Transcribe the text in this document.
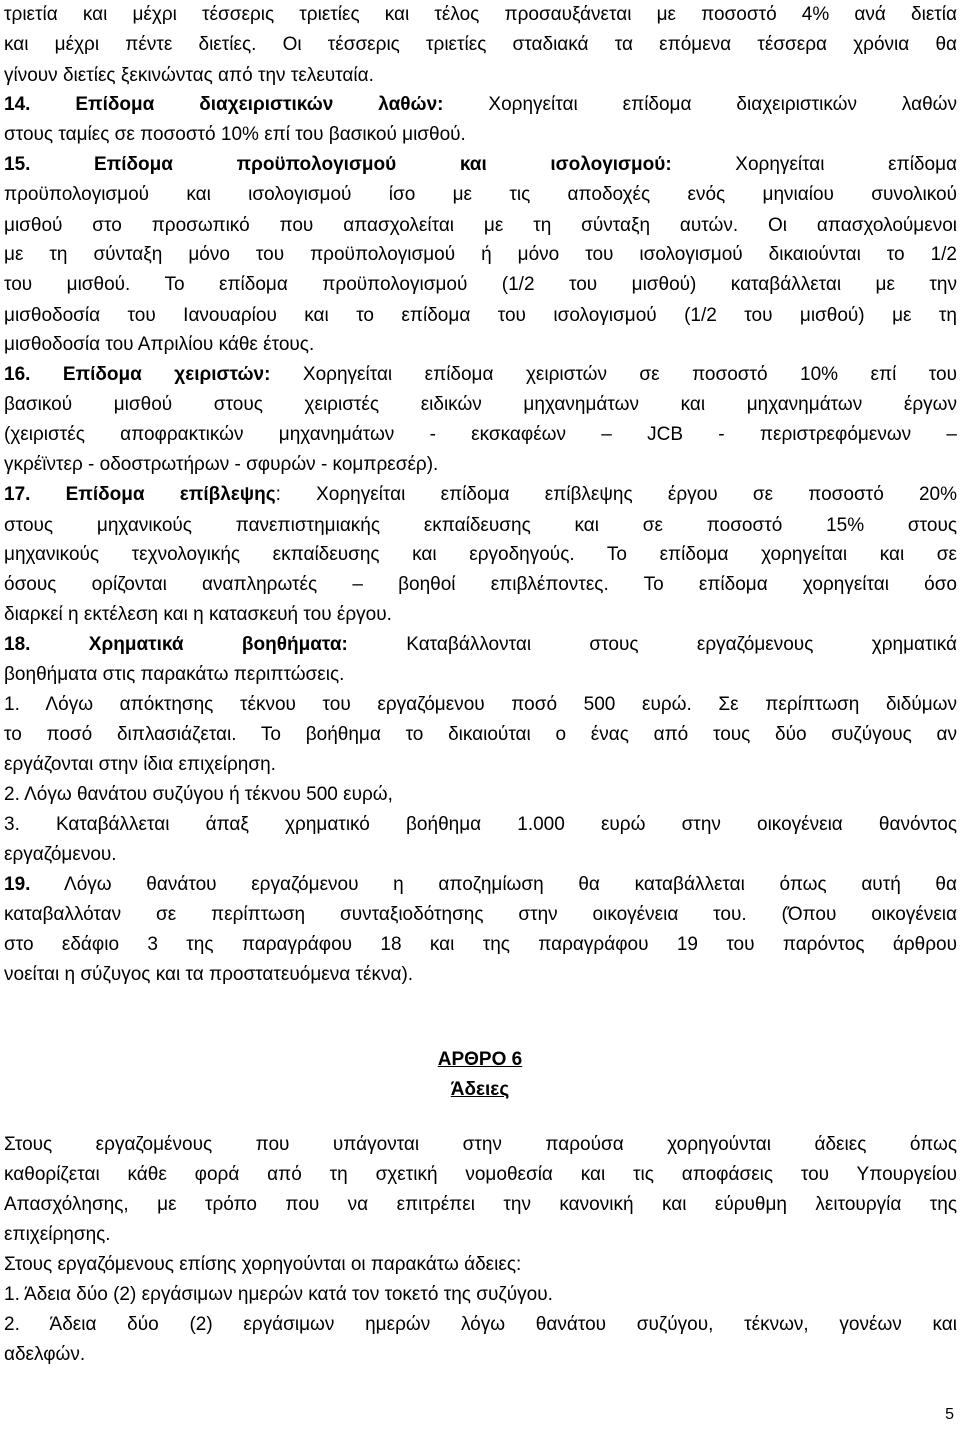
5
τριετία και μέχρι τέσσερις τριετίες και τέλος προσαυξάνεται με ποσοστό 4% ανά διετία
και μέχρι πέντε διετίες. Οι τέσσερις τριετίες σταδιακά τα επόμενα τέσσερα χρόνια θα
γίνουν διετίες ξεκινώντας από την τελευταία.
14. Επίδομα διαχειριστικών λαθών: Χορηγείται επίδομα διαχειριστικών λαθών
στους ταμίες σε ποσοστό 10% επί του βασικού μισθού.
15. Επίδομα προϋπολογισμού και ισολογισμού: Χορηγείται επίδομα
προϋπολογισμού και ισολογισμού ίσο με τις αποδοχές ενός μηνιαίου συνολικού
μισθού στο προσωπικό που απασχολείται με τη σύνταξη αυτών. Οι απασχολούμενοι
με τη σύνταξη μόνο του προϋπολογισμού ή μόνο του ισολογισμού δικαιούνται το 1/2
του μισθού. Το επίδομα προϋπολογισμού (1/2 του μισθού) καταβάλλεται με την
μισθοδοσία του Ιανουαρίου και το επίδομα του ισολογισμού (1/2 του μισθού) με τη
μισθοδοσία του Απριλίου κάθε έτους.
16. Επίδομα χειριστών: Χορηγείται επίδομα χειριστών σε ποσοστό 10% επί του
βασικού μισθού στους χειριστές ειδικών μηχανημάτων και μηχανημάτων έργων
(χειριστές αποφρακτικών μηχανημάτων - εκσκαφέων – JCB - περιστρεφόμενων –
γκρέϊντερ - οδοστρωτήρων - σφυρών - κομπρεσέρ).
17. Επίδομα επίβλεψης: Χορηγείται επίδομα επίβλεψης έργου σε ποσοστό 20%
στους μηχανικούς πανεπιστημιακής εκπαίδευσης και σε ποσοστό 15% στους
μηχανικούς τεχνολογικής εκπαίδευσης και εργοδηγούς. Το επίδομα χορηγείται και σε
όσους ορίζονται αναπληρωτές – βοηθοί επιβλέποντες. Το επίδομα χορηγείται όσο
διαρκεί η εκτέλεση και η κατασκευή του έργου.
18. Χρηματικά βοηθήματα: Καταβάλλονται στους εργαζόμενους χρηματικά
βοηθήματα στις παρακάτω περιπτώσεις.
1. Λόγω απόκτησης τέκνου του εργαζόμενου ποσό 500 ευρώ. Σε περίπτωση διδύμων
το ποσό διπλασιάζεται. Το βοήθημα το δικαιούται ο ένας από τους δύο συζύγους αν
εργάζονται στην ίδια επιχείρηση.
2. Λόγω θανάτου συζύγου ή τέκνου 500 ευρώ,
3. Καταβάλλεται άπαξ χρηματικό βοήθημα 1.000 ευρώ στην οικογένεια θανόντος
εργαζόμενου.
19. Λόγω θανάτου εργαζόμενου η αποζημίωση θα καταβάλλεται όπως αυτή θα
καταβαλλόταν σε περίπτωση συνταξιοδότησης στην οικογένεια του. (Όπου οικογένεια
στο εδάφιο 3 της παραγράφου 18 και της παραγράφου 19 του παρόντος άρθρου
νοείται η σύζυγος και τα προστατευόμενα τέκνα).
ΑΡΘΡΟ 6
Άδειες
Στους εργαζομένους που υπάγονται στην παρούσα χορηγούνται άδειες όπως
καθορίζεται κάθε φορά από τη σχετική νομοθεσία και τις αποφάσεις του Υπουργείου
Απασχόλησης, με τρόπο που να επιτρέπει την κανονική και εύρυθμη λειτουργία της
επιχείρησης.
Στους εργαζόμενους επίσης χορηγούνται οι παρακάτω άδειες:
1. Άδεια δύο (2) εργάσιμων ημερών κατά τον τοκετό της συζύγου.
2. Άδεια δύο (2) εργάσιμων ημερών λόγω θανάτου συζύγου, τέκνων, γονέων και
αδελφών.
